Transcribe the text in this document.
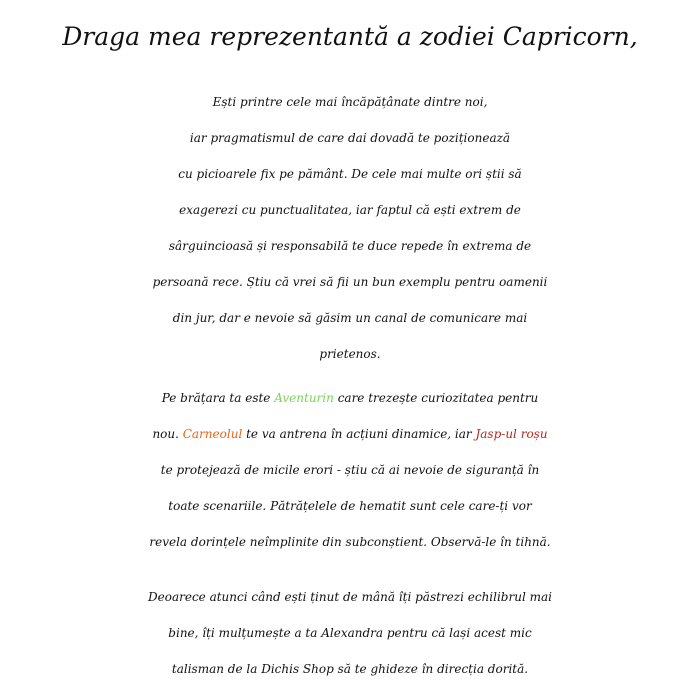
Draga mea reprezentantă a zodiei Capricorn,
Ești printre cele mai încăpățânate dintre noi,
iar pragmatismul de care dai dovadă te poziționează
cu picioarele fix pe pământ. De cele mai multe ori știi să
exagerezi cu punctualitatea, iar faptul că ești extrem de
sârguincioasă și responsabilă te duce repede în extrema de
persoană rece. Știu că vrei să fii un bun exemplu pentru oamenii
din jur, dar e nevoie să găsim un canal de comunicare mai
prietenos.
Pe brățara ta este Aventurin care trezește curiozitatea pentru
nou. Carneolul te va antrena în acțiuni dinamice, iar Jasp-ul roșu
te protejează de micile erori - știu că ai nevoie de siguranță în
toate scenariile. Pătrățelele de hematit sunt cele care-ți vor
revela dorințele neîmplinite din subconștient. Observă-le în tihnă.
Deoarece atunci când ești ținut de mână îți păstrezi echilibrul mai
bine, îți mulțumește a ta Alexandra pentru că lași acest mic
talisman de la Dichis Shop să te ghideze în direcția dorită.
